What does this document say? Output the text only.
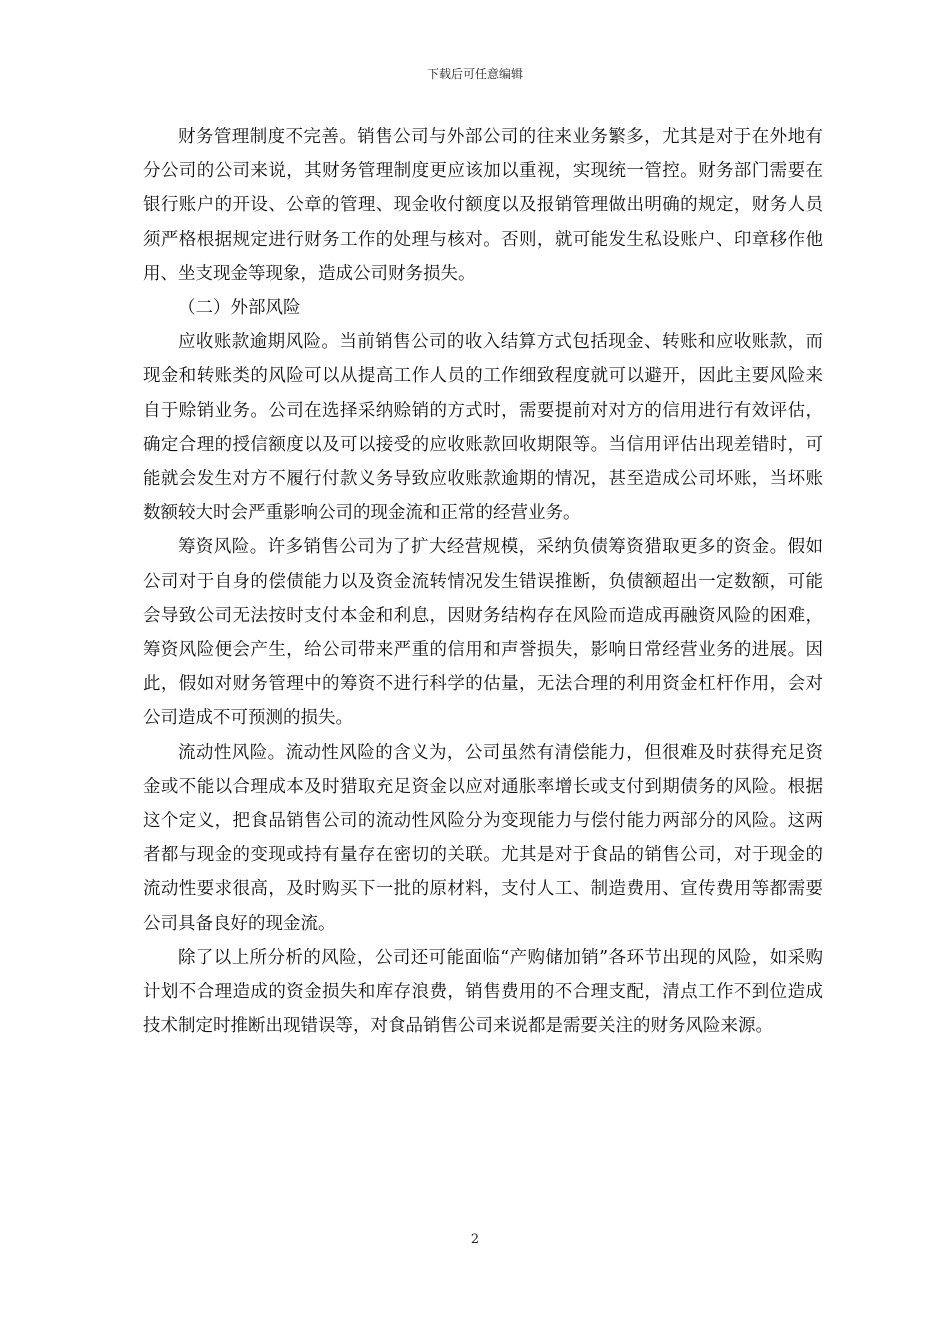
下载后可任意编辑

财务管理制度不完善。销售公司与外部公司的往来业务繁多，尤其是对于在外地有分公司的公司来说，其财务管理制度更应该加以重视，实现统一管控。财务部门需要在银行账户的开设、公章的管理、现金收付额度以及报销管理做出明确的规定，财务人员须严格根据规定进行财务工作的处理与核对。否则，就可能发生私设账户、印章移作他用、坐支现金等现象，造成公司财务损失。

（二）外部风险

应收账款逾期风险。当前销售公司的收入结算方式包括现金、转账和应收账款，而现金和转账类的风险可以从提高工作人员的工作细致程度就可以避开，因此主要风险来自于赊销业务。公司在选择采纳赊销的方式时，需要提前对对方的信用进行有效评估，确定合理的授信额度以及可以接受的应收账款回收期限等。当信用评估出现差错时，可能就会发生对方不履行付款义务导致应收账款逾期的情况，甚至造成公司坏账，当坏账数额较大时会严重影响公司的现金流和正常的经营业务。

筹资风险。许多销售公司为了扩大经营规模，采纳负债筹资猎取更多的资金。假如公司对于自身的偿债能力以及资金流转情况发生错误推断，负债额超出一定数额，可能会导致公司无法按时支付本金和利息，因财务结构存在风险而造成再融资风险的困难，筹资风险便会产生，给公司带来严重的信用和声誉损失，影响日常经营业务的进展。因此，假如对财务管理中的筹资不进行科学的估量，无法合理的利用资金杠杆作用，会对公司造成不可预测的损失。

流动性风险。流动性风险的含义为，公司虽然有清偿能力，但很难及时获得充足资金或不能以合理成本及时猎取充足资金以应对通胀率增长或支付到期债务的风险。根据这个定义，把食品销售公司的流动性风险分为变现能力与偿付能力两部分的风险。这两者都与现金的变现或持有量存在密切的关联。尤其是对于食品的销售公司，对于现金的流动性要求很高，及时购买下一批的原材料，支付人工、制造费用、宣传费用等都需要公司具备良好的现金流。

除了以上所分析的风险，公司还可能面临“产购储加销”各环节出现的风险，如采购计划不合理造成的资金损失和库存浪费，销售费用的不合理支配，清点工作不到位造成技术制定时推断出现错误等，对食品销售公司来说都是需要关注的财务风险来源。

2
